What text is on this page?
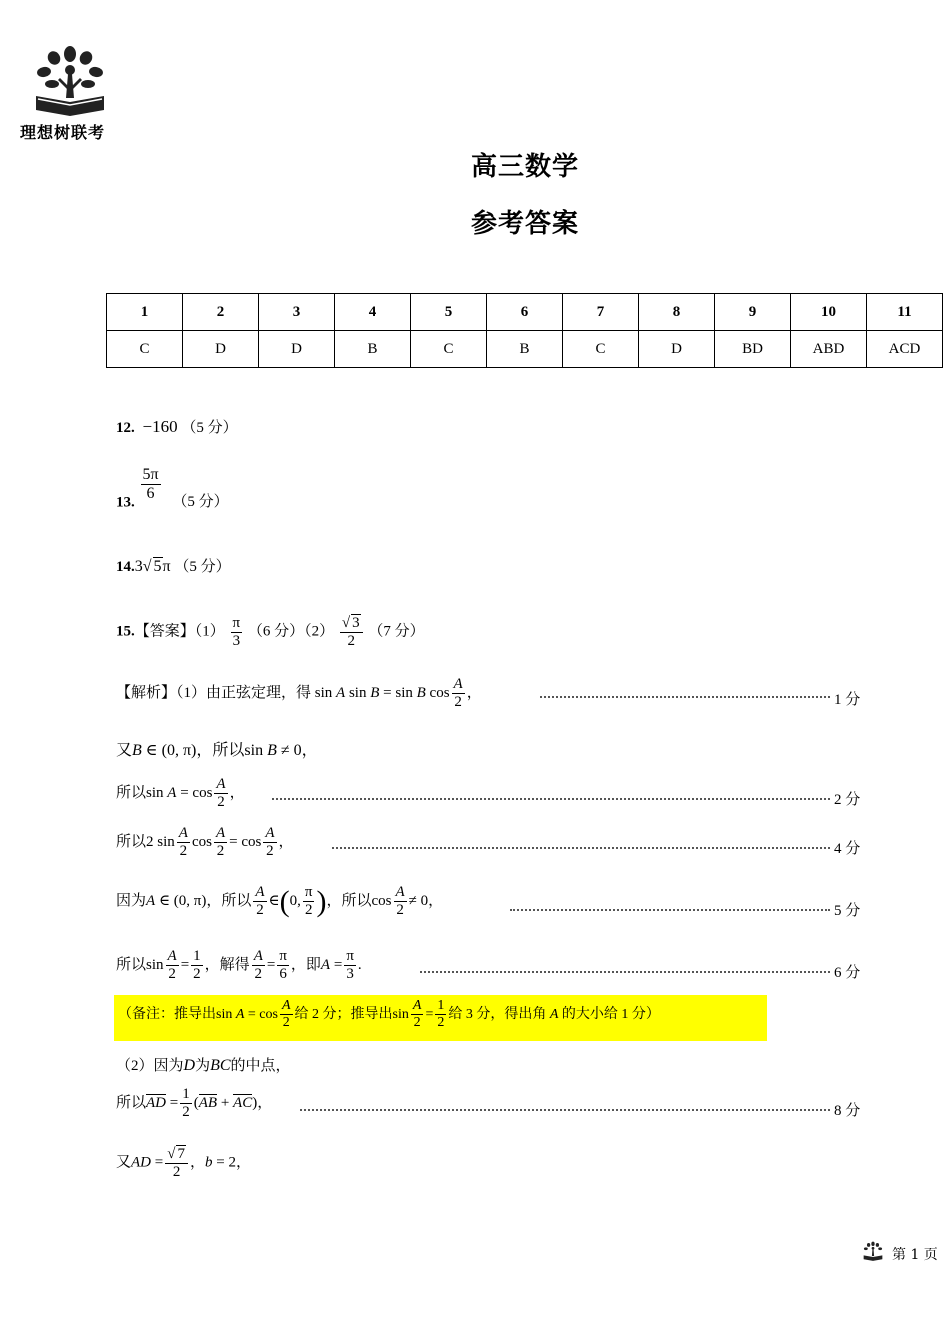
理想树联考
高三数学
参考答案
1	2	3	4	5	6	7	8	9	10	11
C	D	D	B	C	B	C	D	BD	ABD	ACD
12. −160 （5 分）
13. $\frac{5\pi}{6} (5$ 分）
14.3√ 5π （5 分）
15.【答案】$(1) \frac{\pi}{3} (6$ 分）$(2) \frac{√ 3}{2} (7$ 分）
【解析】（1）由正弦定理，得 sin A sin B = sin B $\cos \frac{A}{2}$ ，	1 分
又B ∈ (0, π)，所以sin B ≠ 0，
所以$\sin A = \cos \frac{A}{2}$ ，	2 分
所以2 $\sin \frac{A}{2}$ $\cos \frac{A}{2} = \cos \frac{A}{2}$ ，	4 分
因为A ∈ (0, π)，所以 $\frac{A}{2}$ ∈(0, $\frac{\pi}{2}$ )，所以$\cos \frac{A}{2} \ne 0$，
5 分
所以$\sin \frac{A}{2} = \frac{1}{2}$ ，解得 $\frac{A}{2} = \frac{\pi}{6}$ ，即$A = \frac{\pi}{3}$ .	6 分
（备注：推导出$\sin A = \cos \frac{A}{2}$ 给 2 分；推导出$\sin \frac{A}{2} = \frac{1}{2}$ 给 3 分，得出角 A 的大小给 1 分）
（2）因为D为BC的中点，
所以AD = $\frac{1}{2} (AB + AC)$，	8 分
又AD = $\frac{√ 7}{2}$ ，b = 2，
第 1 页
